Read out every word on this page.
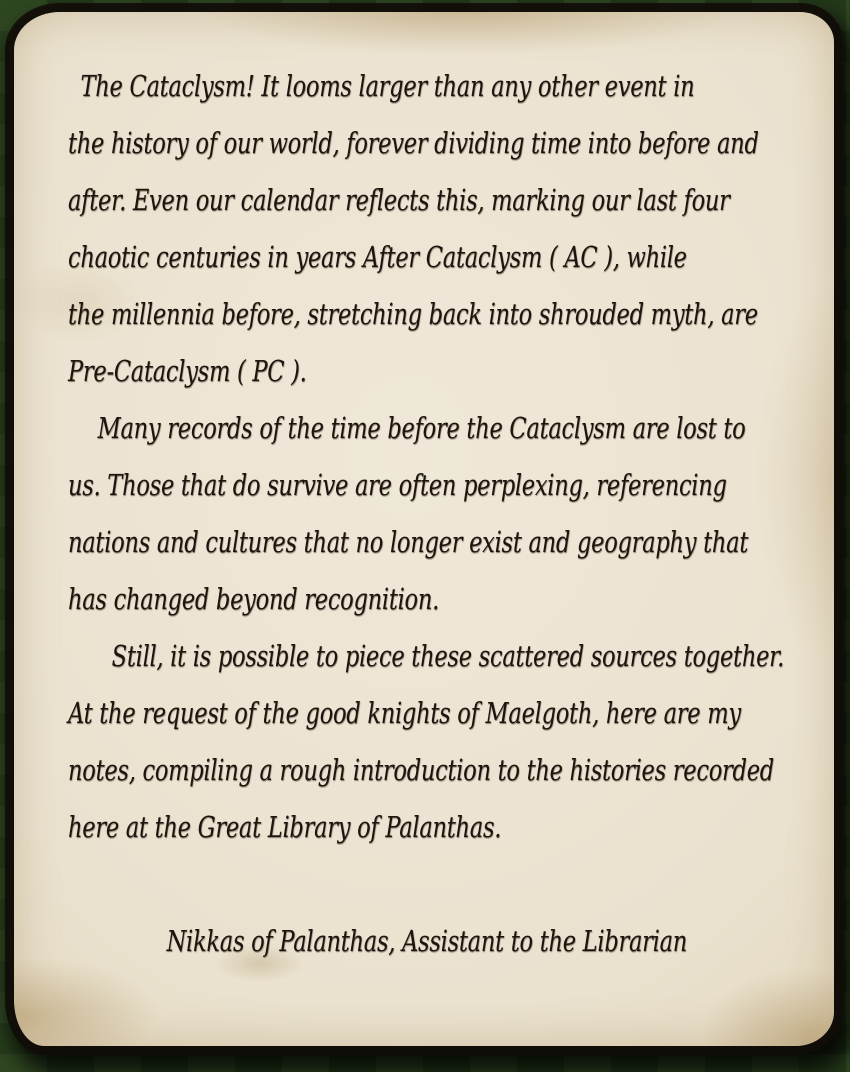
The Cataclysm! It looms larger than any other event in
the history of our world, forever dividing time into before and
after. Even our calendar reflects this, marking our last four
chaotic centuries in years After Cataclysm ( AC ), while
the millennia before, stretching back into shrouded myth, are
Pre-Cataclysm ( PC ).
Many records of the time before the Cataclysm are lost to
us. Those that do survive are often perplexing, referencing
nations and cultures that no longer exist and geography that
has changed beyond recognition.
Still, it is possible to piece these scattered sources together.
At the request of the good knights of Maelgoth, here are my
notes, compiling a rough introduction to the histories recorded
here at the Great Library of Palanthas.
Nikkas of Palanthas, Assistant to the Librarian
